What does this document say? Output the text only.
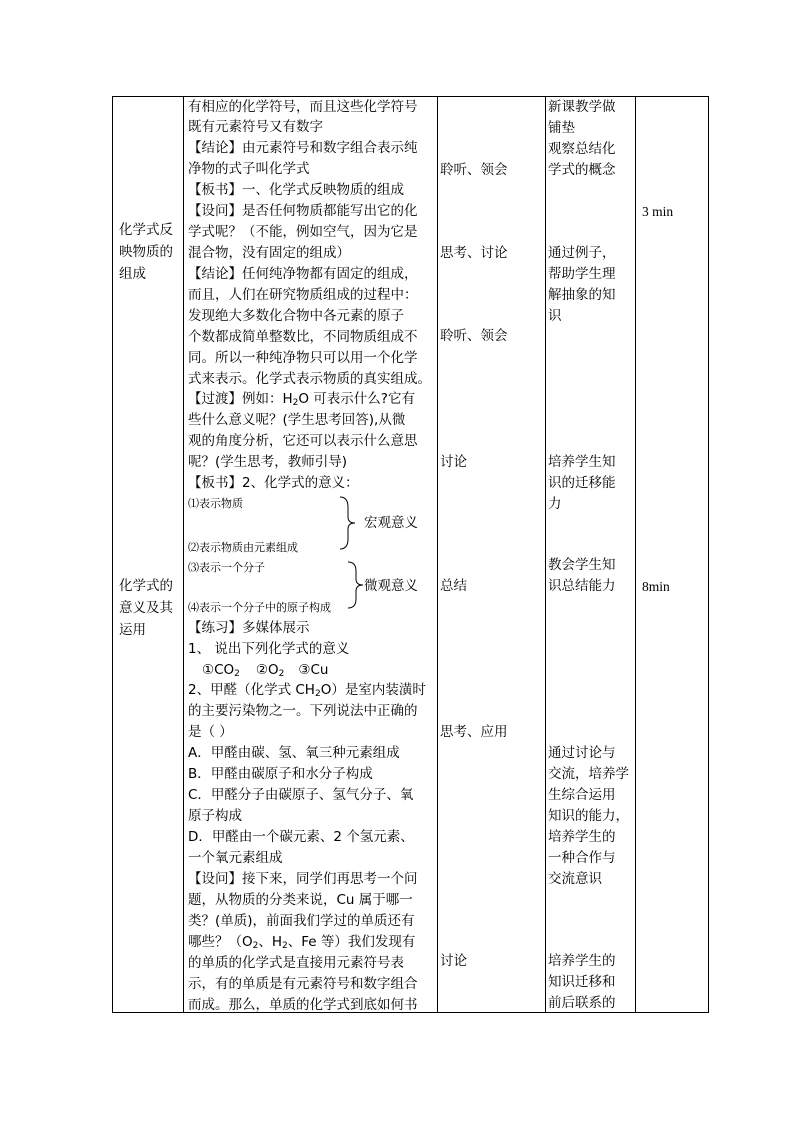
化学式反
映物质的
组成
化学式的
意义及其
运用
有相应的化学符号，而且这些化学符号
既有元素符号又有数字
【结论】由元素符号和数字组合表示纯
净物的式子叫化学式
【板书】一、化学式反映物质的组成
【设问】是否任何物质都能写出它的化
学式呢？（不能，例如空气，因为它是
混合物，没有固定的组成）
【结论】任何纯净物都有固定的组成，
而且，人们在研究物质组成的过程中：
发现绝大多数化合物中各元素的原子
个数都成简单整数比，不同物质组成不
同。所以一种纯净物只可以用一个化学
式来表示。化学式表示物质的真实组成。
【过渡】例如：$H_2O$ 可表示什么?它有
些什么意义呢？(学生思考回答),从微
观的角度分析，它还可以表示什么意思
呢？(学生思考，教师引导)
【板书】2、化学式的意义：
⑴表示物质
⑵表示物质由元素组成
⑶表示一个分子
⑷表示一个分子中的原子构成
宏观意义
微观意义
【练习】多媒体展示
1、 说出下列化学式的意义
$①CO_2$ $②O_2$ ③Cu
2、甲醛（化学式 $CH_2O$）是室内装潢时
的主要污染物之一。下列说法中正确的
是（ ）
A．甲醛由碳、氢、氧三种元素组成
B．甲醛由碳原子和水分子构成
C．甲醛分子由碳原子、氢气分子、氧
原子构成
D．甲醛由一个碳元素、2 个氢元素、
一个氧元素组成
【设问】接下来，同学们再思考一个问
题，从物质的分类来说，Cu 属于哪一
类？(单质)，前面我们学过的单质还有
哪些？（$O_2$、$H_2$、Fe 等）我们发现有
的单质的化学式是直接用元素符号表
示，有的单质是有元素符号和数字组合
而成。那么，单质的化学式到底如何书
聆听、领会
思考、讨论
聆听、领会
讨论
总结
思考、应用
讨论
新课教学做
铺垫
观察总结化
学式的概念
通过例子，
帮助学生理
解抽象的知
识
培养学生知
识的迁移能
力
教会学生知
识总结能力
通过讨论与
交流，培养学
生综合运用
知识的能力，
培养学生的
一种合作与
交流意识
培养学生的
知识迁移和
前后联系的
3 min
8min
